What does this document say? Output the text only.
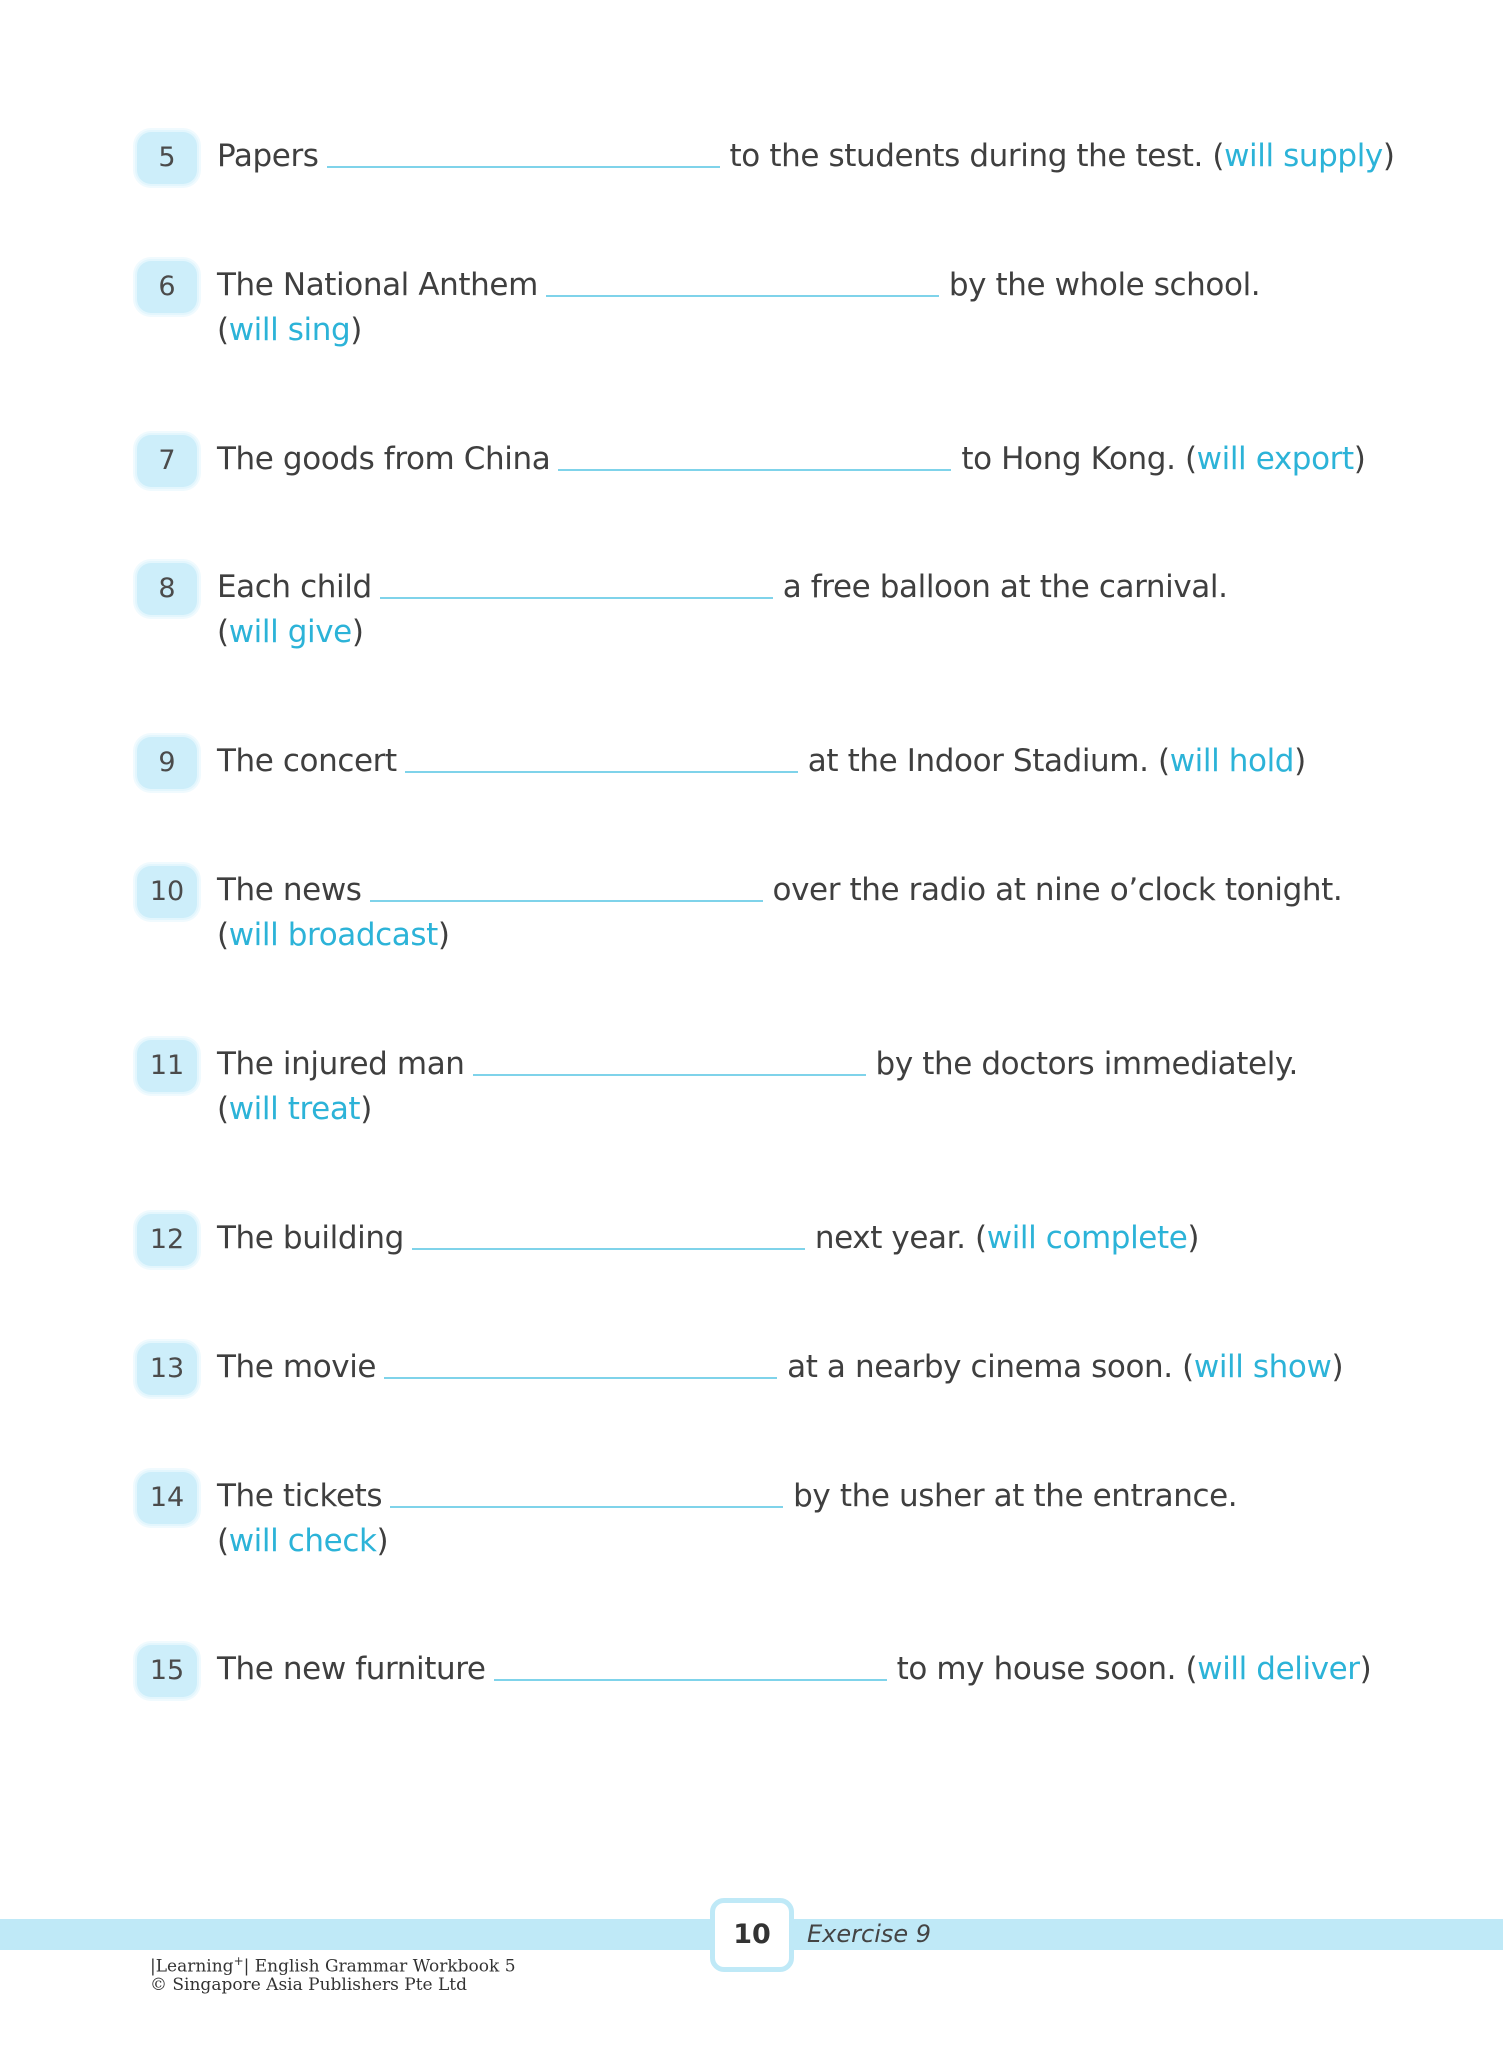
5	Papers	to the students during the test. (will supply)
6	The National Anthem	by the whole school.
(will sing)
7	The goods from China	to Hong Kong. (will export)
8	Each child	a free balloon at the carnival.
(will give)
9	The concert	at the Indoor Stadium. (will hold)
10	The news	over the radio at nine o’clock tonight.
(will broadcast)
11	The injured man	by the doctors immediately.
(will treat)
12	The building	next year. (will complete)
13	The movie	at a nearby cinema soon. (will show)
14	The tickets	by the usher at the entrance.
(will check)
15	The new furniture	to my house soon. (will deliver)
10	Exercise 9
|Learning+| English Grammar Workbook 5
© Singapore Asia Publishers Pte Ltd
